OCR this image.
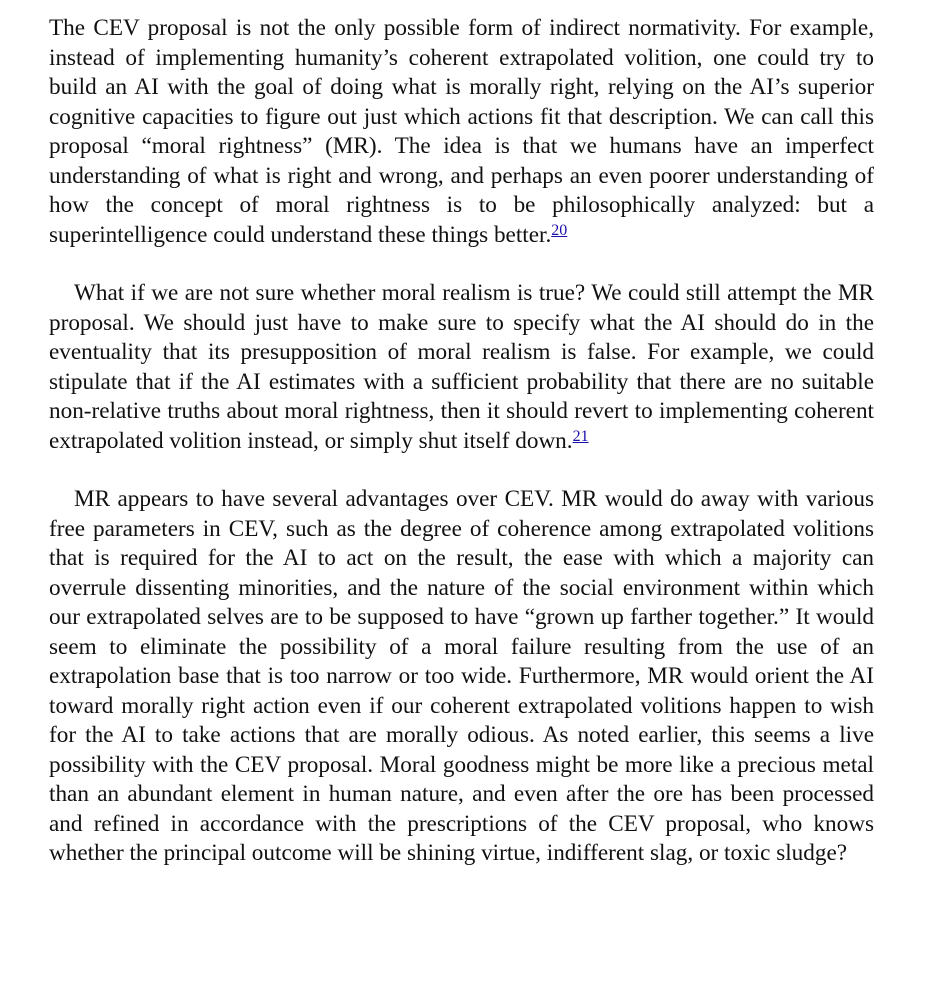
The CEV proposal is not the only possible form of indirect normativity. For example, instead of implementing humanity’s coherent extrapolated volition, one could try to build an AI with the goal of doing what is morally right, relying on the AI’s superior cognitive capacities to figure out just which actions fit that description. We can call this proposal “moral rightness” (MR). The idea is that we humans have an imperfect understanding of what is right and wrong, and perhaps an even poorer understanding of how the concept of moral rightness is to be philosophically analyzed: but a superintelligence could understand these things better.$^{20}$

What if we are not sure whether moral realism is true? We could still attempt the MR proposal. We should just have to make sure to specify what the AI should do in the eventuality that its presupposition of moral realism is false. For example, we could stipulate that if the AI estimates with a sufficient probability that there are no suitable non-relative truths about moral rightness, then it should revert to implementing coherent extrapolated volition instead, or simply shut itself down.$^{21}$

MR appears to have several advantages over CEV. MR would do away with various free parameters in CEV, such as the degree of coherence among extrapolated volitions that is required for the AI to act on the result, the ease with which a majority can overrule dissenting minorities, and the nature of the social environment within which our extrapolated selves are to be supposed to have “grown up farther together.” It would seem to eliminate the possibility of a moral failure resulting from the use of an extrapolation base that is too narrow or too wide. Furthermore, MR would orient the AI toward morally right action even if our coherent extrapolated volitions happen to wish for the AI to take actions that are morally odious. As noted earlier, this seems a live possibility with the CEV proposal. Moral goodness might be more like a precious metal than an abundant element in human nature, and even after the ore has been processed and refined in accordance with the prescriptions of the CEV proposal, who knows whether the principal outcome will be shining virtue, indifferent slag, or toxic sludge?
